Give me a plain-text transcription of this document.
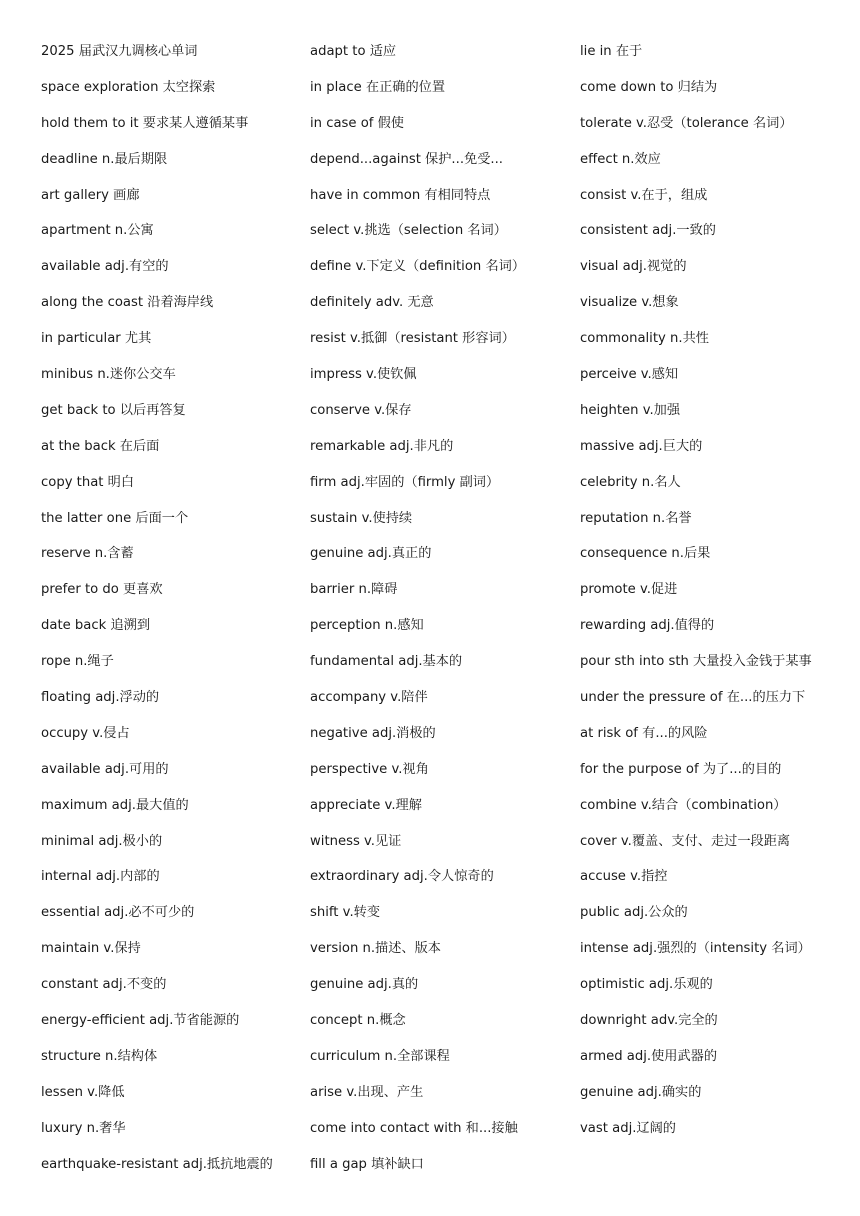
2025 届武汉九调核心单词
space exploration 太空探索
hold them to it 要求某人遵循某事
deadline n.最后期限
art gallery 画廊
apartment n.公寓
available adj.有空的
along the coast 沿着海岸线
in particular 尤其
minibus n.迷你公交车
get back to 以后再答复
at the back 在后面
copy that 明白
the latter one 后面一个
reserve n.含蓄
prefer to do 更喜欢
date back 追溯到
rope n.绳子
floating adj.浮动的
occupy v.侵占
available adj.可用的
maximum adj.最大值的
minimal adj.极小的
internal adj.内部的
essential adj.必不可少的
maintain v.保持
constant adj.不变的
energy-efficient adj.节省能源的
structure n.结构体
lessen v.降低
luxury n.奢华
earthquake-resistant adj.抵抗地震的
adapt to 适应
in place 在正确的位置
in case of 假使
depend...against 保护...免受...
have in common 有相同特点
select v.挑选（selection 名词）
define v.下定义（definition 名词）
definitely adv. 无意
resist v.抵御（resistant 形容词）
impress v.使钦佩
conserve v.保存
remarkable adj.非凡的
firm adj.牢固的（firmly 副词）
sustain v.使持续
genuine adj.真正的
barrier n.障碍
perception n.感知
fundamental adj.基本的
accompany v.陪伴
negative adj.消极的
perspective v.视角
appreciate v.理解
witness v.见证
extraordinary adj.令人惊奇的
shift v.转变
version n.描述、版本
genuine adj.真的
concept n.概念
curriculum n.全部课程
arise v.出现、产生
come into contact with 和...接触
fill a gap 填补缺口
lie in 在于
come down to 归结为
tolerate v.忍受（tolerance 名词）
effect n.效应
consist v.在于，组成
consistent adj.一致的
visual adj.视觉的
visualize v.想象
commonality n.共性
perceive v.感知
heighten v.加强
massive adj.巨大的
celebrity n.名人
reputation n.名誉
consequence n.后果
promote v.促进
rewarding adj.值得的
pour sth into sth 大量投入金钱于某事
under the pressure of 在...的压力下
at risk of 有...的风险
for the purpose of 为了...的目的
combine v.结合（combination）
cover v.覆盖、支付、走过一段距离
accuse v.指控
public adj.公众的
intense adj.强烈的（intensity 名词）
optimistic adj.乐观的
downright adv.完全的
armed adj.使用武器的
genuine adj.确实的
vast adj.辽阔的
